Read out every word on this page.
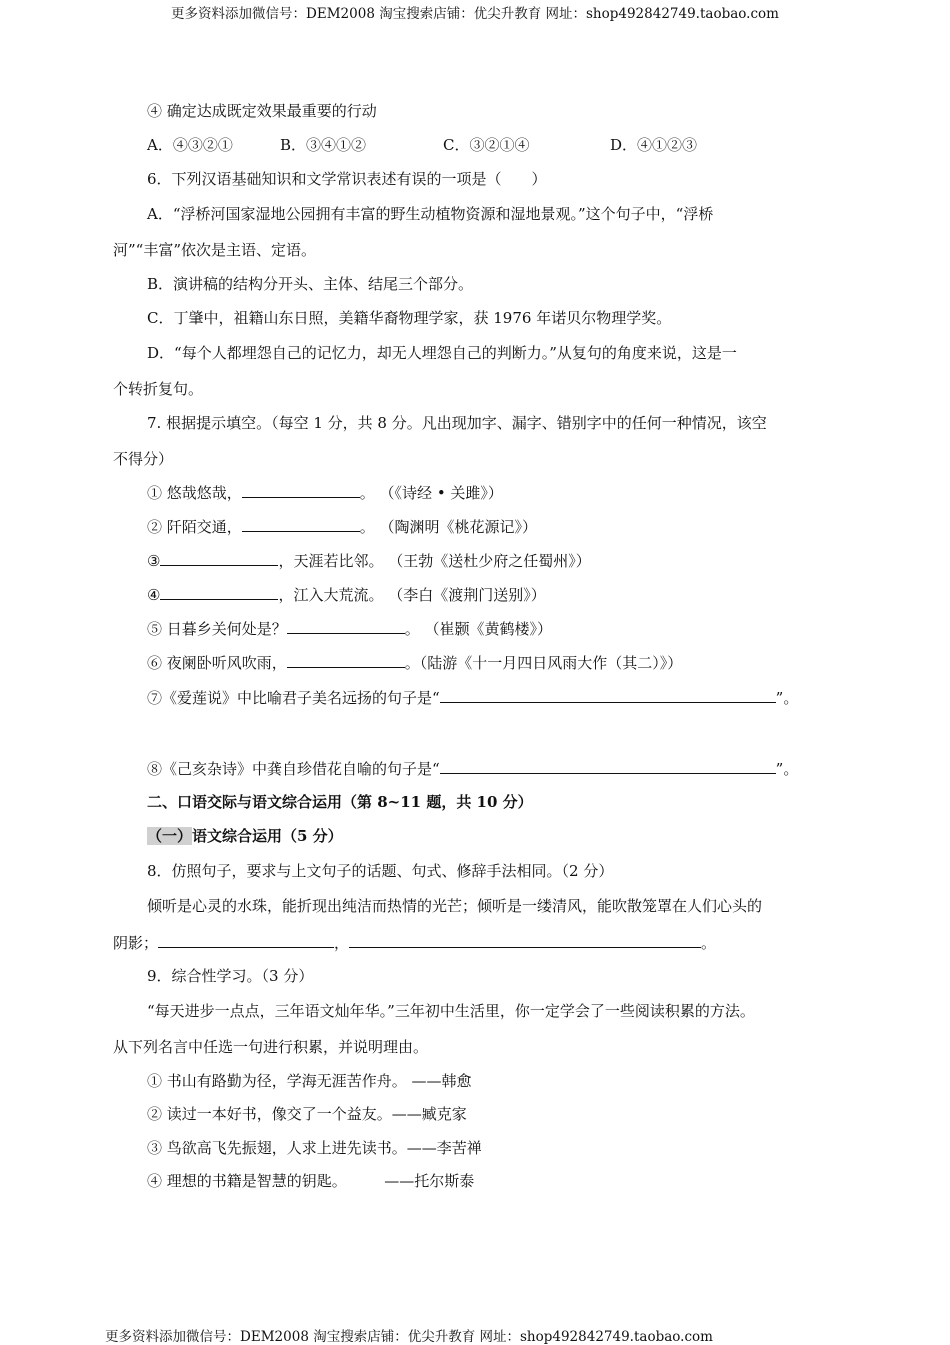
更多资料添加微信号：DEM2008 淘宝搜索店铺：优尖升教育 网址：shop492842749.taobao.com
④ 确定达成既定效果最重要的行动
A．④③②①	B．③④①②	C．③②①④	D．④①②③
6．下列汉语基础知识和文学常识表述有误的一项是（　　）
A．“浮桥河国家湿地公园拥有丰富的野生动植物资源和湿地景观。”这个句子中，“浮桥
河”“丰富”依次是主语、定语。
B．演讲稿的结构分开头、主体、结尾三个部分。
C．丁肇中，祖籍山东日照，美籍华裔物理学家，获 1976 年诺贝尔物理学奖。
D．“每个人都埋怨自己的记忆力，却无人埋怨自己的判断力。”从复句的角度来说，这是一
个转折复句。
7. 根据提示填空。（每空 1 分，共 8 分。凡出现加字、漏字、错别字中的任何一种情况，该空
不得分）
① 悠哉悠哉，	。 （《诗经 • 关雎》）
② 阡陌交通，	。 （陶渊明《桃花源记》）
③	，天涯若比邻。 （王勃《送杜少府之任蜀州》）
④	，江入大荒流。 （李白《渡荆门送别》）
⑤ 日暮乡关何处是？	。 （崔颢《黄鹤楼》）
⑥ 夜阑卧听风吹雨，	。（陆游《十一月四日风雨大作（其二）》）
⑦《爱莲说》中比喻君子美名远扬的句子是“	”。
⑧《己亥杂诗》中龚自珍借花自喻的句子是“	”。
二、口语交际与语文综合运用（第 8~11 题，共 10 分）
（一）语文综合运用（5 分）
8．仿照句子，要求与上文句子的话题、句式、修辞手法相同。（2 分）
倾听是心灵的水珠，能折现出纯洁而热情的光芒；倾听是一缕清风，能吹散笼罩在人们心头的
阴影；	，	。
9．综合性学习。（3 分）
“每天进步一点点，三年语文灿年华。”三年初中生活里，你一定学会了一些阅读积累的方法。
从下列名言中任选一句进行积累，并说明理由。
① 书山有路勤为径，学海无涯苦作舟。 ——韩愈
② 读过一本好书，像交了一个益友。——臧克家
③ 鸟欲高飞先振翅，人求上进先读书。——李苦禅
④ 理想的书籍是智慧的钥匙。　　　——托尔斯泰
更多资料添加微信号：DEM2008 淘宝搜索店铺：优尖升教育 网址：shop492842749.taobao.com
